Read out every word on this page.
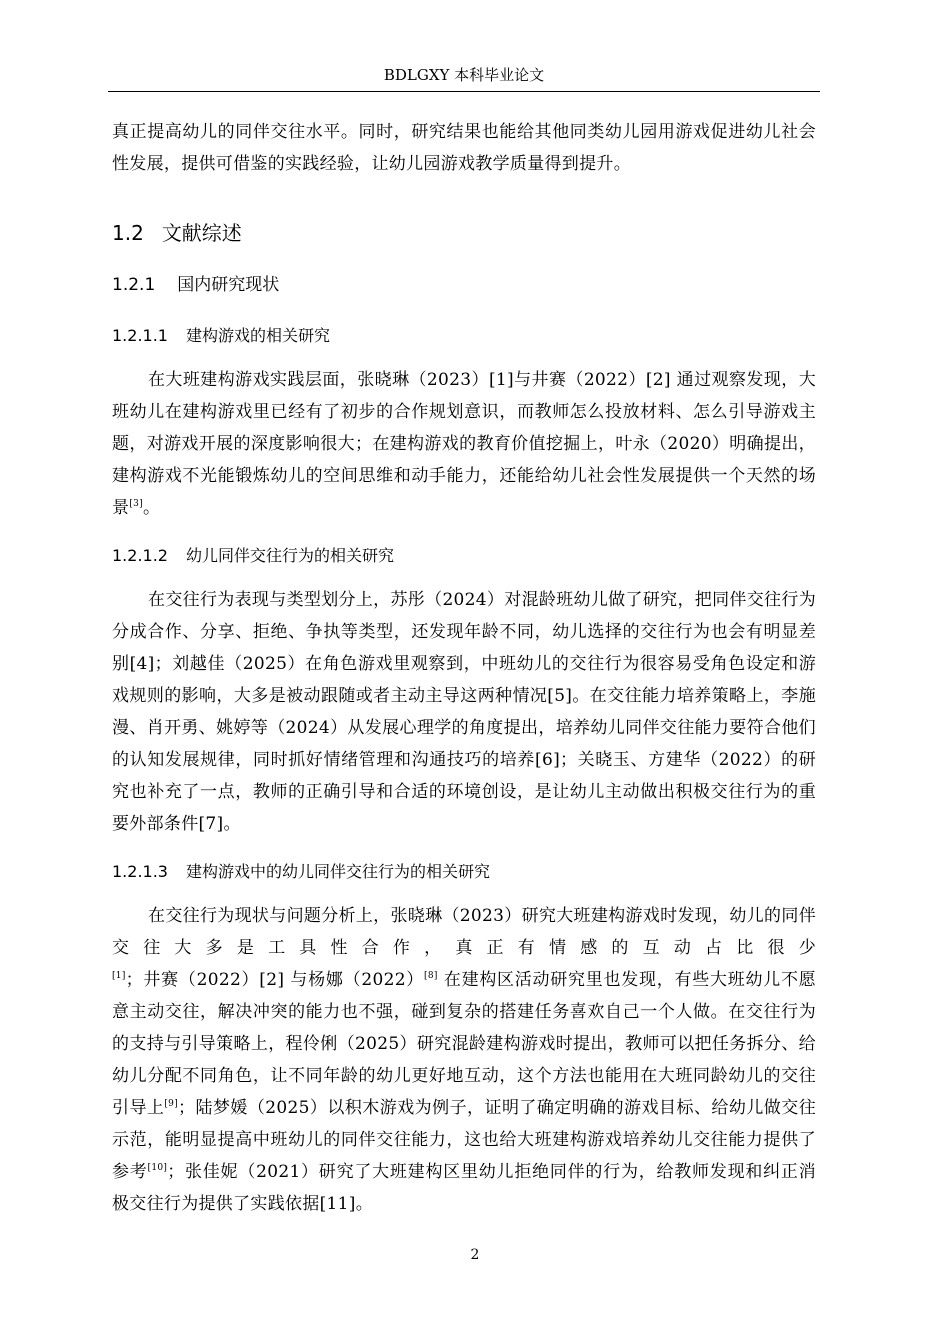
BDLGXY 本科毕业论文
真正提高幼儿的同伴交往水平。同时，研究结果也能给其他同类幼儿园用游戏促进幼儿社会性发展，提供可借鉴的实践经验，让幼儿园游戏教学质量得到提升。
1.2 文献综述
1.2.1 国内研究现状
1.2.1.1 建构游戏的相关研究
在大班建构游戏实践层面，张晓琳（2023）[1]与井赛（2022）[2] 通过观察发现，大班幼儿在建构游戏里已经有了初步的合作规划意识，而教师怎么投放材料、怎么引导游戏主题，对游戏开展的深度影响很大；在建构游戏的教育价值挖掘上，叶永（2020）明确提出，建构游戏不光能锻炼幼儿的空间思维和动手能力，还能给幼儿社会性发展提供一个天然的场景[3]。
1.2.1.2 幼儿同伴交往行为的相关研究
在交往行为表现与类型划分上，苏彤（2024）对混龄班幼儿做了研究，把同伴交往行为分成合作、分享、拒绝、争执等类型，还发现年龄不同，幼儿选择的交往行为也会有明显差别[4]；刘越佳（2025）在角色游戏里观察到，中班幼儿的交往行为很容易受角色设定和游戏规则的影响，大多是被动跟随或者主动主导这两种情况[5]。在交往能力培养策略上，李施漫、肖开勇、姚婷等（2024）从发展心理学的角度提出，培养幼儿同伴交往能力要符合他们的认知发展规律，同时抓好情绪管理和沟通技巧的培养[6]；关晓玉、方建华（2022）的研究也补充了一点，教师的正确引导和合适的环境创设，是让幼儿主动做出积极交往行为的重要外部条件[7]。
1.2.1.3 建构游戏中的幼儿同伴交往行为的相关研究
在交往行为现状与问题分析上，张晓琳（2023）研究大班建构游戏时发现，幼儿的同伴交往大多是工具性合作，真正有情感的互动占比很少[1]；井赛（2022）[2] 与杨娜（2022）[8] 在建构区活动研究里也发现，有些大班幼儿不愿意主动交往，解决冲突的能力也不强，碰到复杂的搭建任务喜欢自己一个人做。在交往行为的支持与引导策略上，程伶俐（2025）研究混龄建构游戏时提出，教师可以把任务拆分、给幼儿分配不同角色，让不同年龄的幼儿更好地互动，这个方法也能用在大班同龄幼儿的交往引导上[9]；陆梦媛（2025）以积木游戏为例子，证明了确定明确的游戏目标、给幼儿做交往示范，能明显提高中班幼儿的同伴交往能力，这也给大班建构游戏培养幼儿交往能力提供了参考[10]；张佳妮（2021）研究了大班建构区里幼儿拒绝同伴的行为，给教师发现和纠正消极交往行为提供了实践依据[11]。
2
